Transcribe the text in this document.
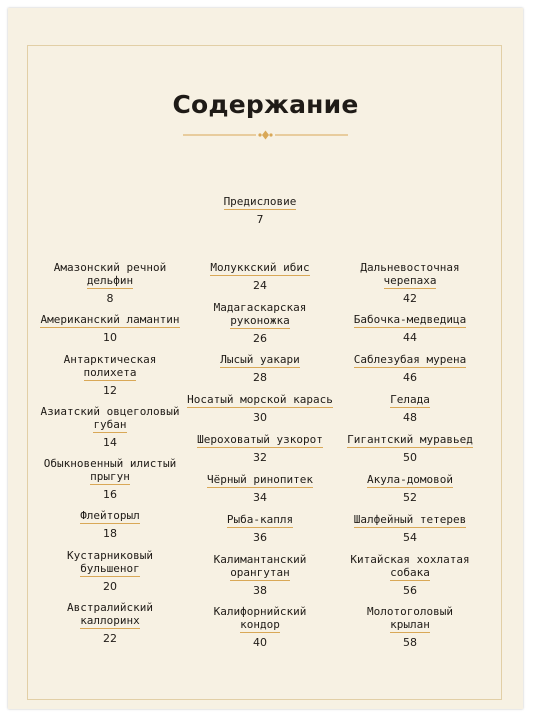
Содержание
Предисловие
7
Амазонский речной
дельфин
8
Американский ламантин
10
Антарктическая
полихета
12
Азиатский овцеголовый
губан
14
Обыкновенный илистый
прыгун
16
Флейторыл
18
Кустарниковый
бульшеног
20
Австралийский
каллоринх
22
Молуккский ибис
24
Мадагаскарская
руконожка
26
Лысый уакари
28
Носатый морской карась
30
Шероховатый узкорот
32
Чёрный ринопитек
34
Рыба-капля
36
Калимантанский
орангутан
38
Калифорнийский
кондор
40
Дальневосточная
черепаха
42
Бабочка-медведица
44
Саблезубая мурена
46
Гелада
48
Гигантский муравьед
50
Акула-домовой
52
Шалфейный тетерев
54
Китайская хохлатая
собака
56
Молотоголовый
крылан
58
